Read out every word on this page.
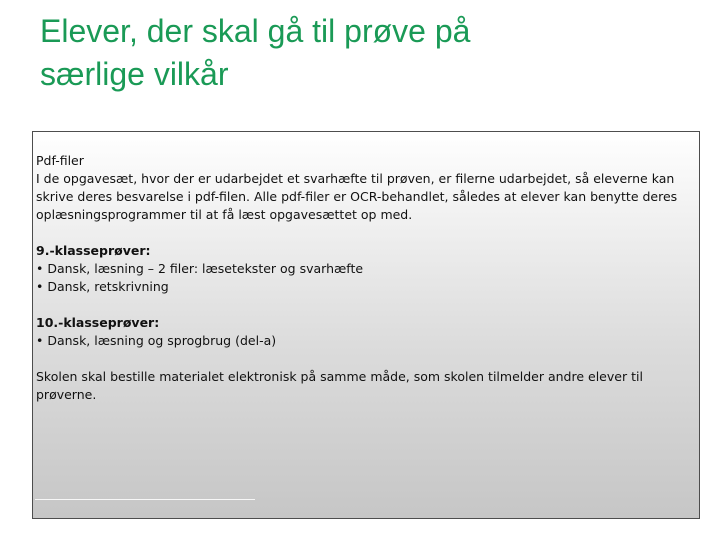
Elever, der skal gå til prøve på
særlige vilkår
Pdf-filer
I de opgavesæt, hvor der er udarbejdet et svarhæfte til prøven, er filerne udarbejdet, så eleverne kan skrive deres besvarelse i pdf-filen. Alle pdf-filer er OCR-behandlet, således at elever kan benytte deres oplæsningsprogrammer til at få læst opgavesættet op med.
9.-klasseprøver:
• Dansk, læsning – 2 filer: læsetekster og svarhæfte
• Dansk, retskrivning
10.-klasseprøver:
• Dansk, læsning og sprogbrug (del-a)
Skolen skal bestille materialet elektronisk på samme måde, som skolen tilmelder andre elever til prøverne.
